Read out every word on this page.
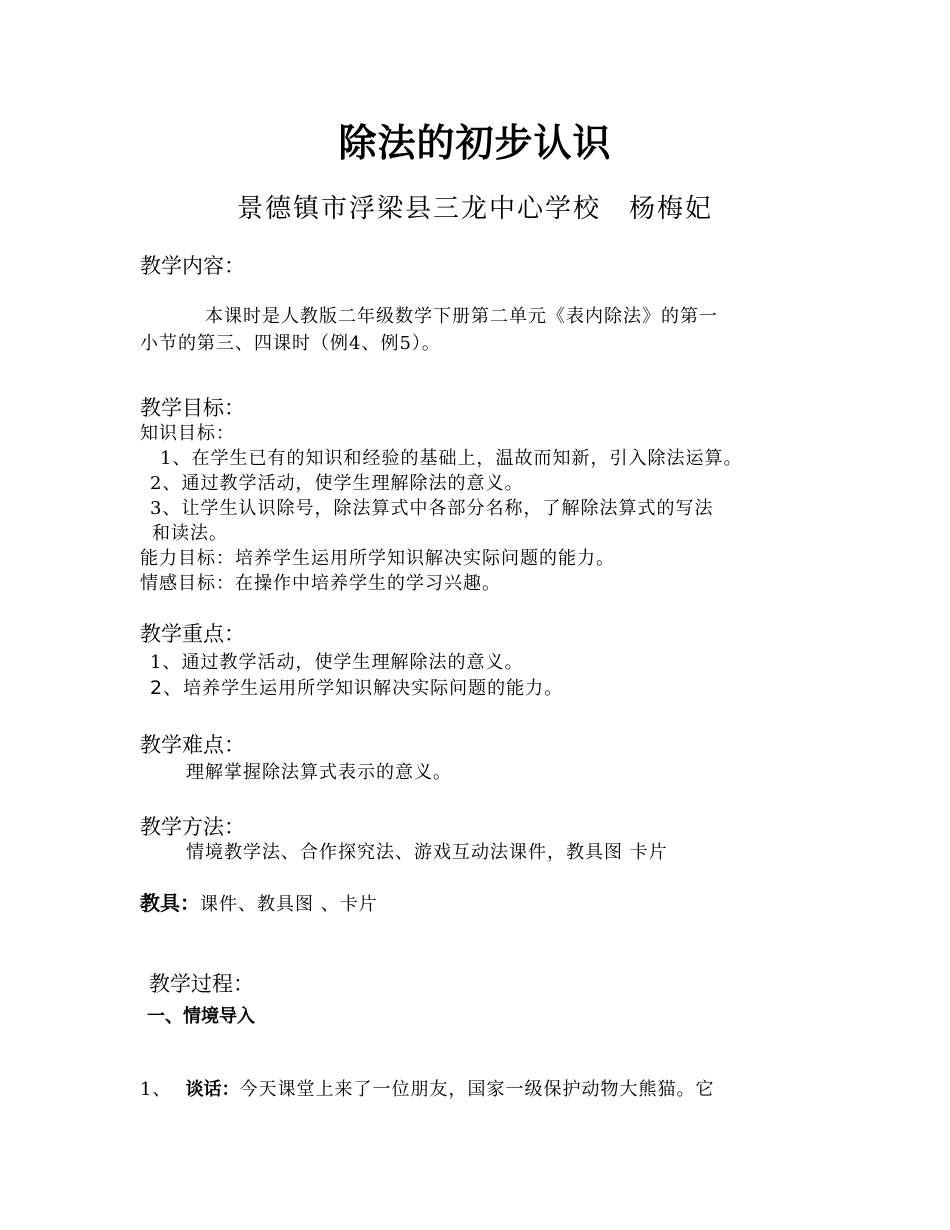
除法的初步认识
景德镇市浮梁县三龙中心学校　杨梅妃
教学内容：
本课时是人教版二年级数学下册第二单元《表内除法》的第一
小节的第三、四课时（例4、例5）。
教学目标：
知识目标：
1、在学生已有的知识和经验的基础上，温故而知新，引入除法运算。
2、通过教学活动，使学生理解除法的意义。
3、让学生认识除号，除法算式中各部分名称，了解除法算式的写法
和读法。
能力目标：培养学生运用所学知识解决实际问题的能力。
情感目标：在操作中培养学生的学习兴趣。
教学重点：
1、通过教学活动，使学生理解除法的意义。
2、培养学生运用所学知识解决实际问题的能力。
教学难点：
理解掌握除法算式表示的意义。
教学方法：
情境教学法、合作探究法、游戏互动法课件，教具图 卡片
教具：课件、教具图 、卡片
教学过程：
一、情境导入
1、 谈话：今天课堂上来了一位朋友，国家一级保护动物大熊猫。它
